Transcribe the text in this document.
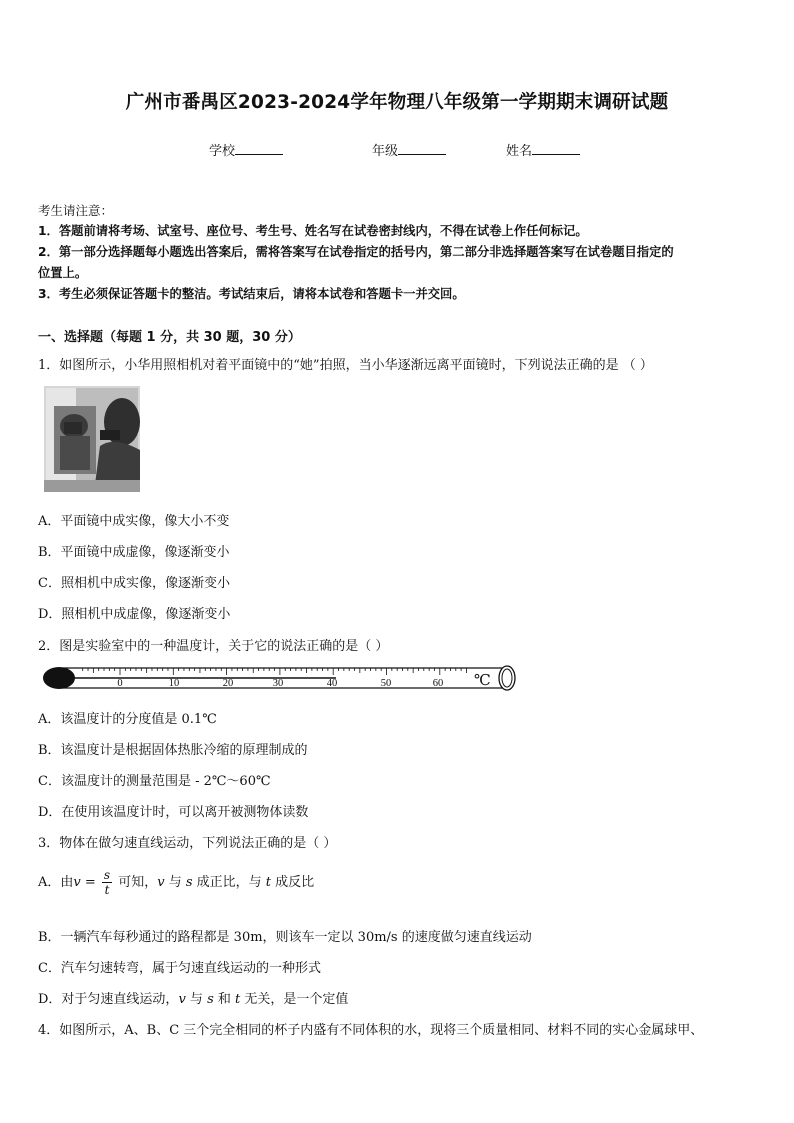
广州市番禺区2023-2024学年物理八年级第一学期期末调研试题
学校	年级	姓名
考生请注意：
1．答题前请将考场、试室号、座位号、考生号、姓名写在试卷密封线内，不得在试卷上作任何标记。
2．第一部分选择题每小题选出答案后，需将答案写在试卷指定的括号内，第二部分非选择题答案写在试卷题目指定的
位置上。
3．考生必须保证答题卡的整洁。考试结束后，请将本试卷和答题卡一并交回。
一、选择题（每题 1 分，共 30 题，30 分）
1．如图所示，小华用照相机对着平面镜中的“她”拍照，当小华逐渐远离平面镜时，下列说法正确的是 （ ）
A．平面镜中成实像，像大小不变
B．平面镜中成虚像，像逐渐变小
C．照相机中成实像，像逐渐变小
D．照相机中成虚像，像逐渐变小
2．图是实验室中的一种温度计，关于它的说法正确的是（ ）
0	10	20	30	40	50	60 ℃
A．该温度计的分度值是 0.1℃
B．该温度计是根据固体热胀冷缩的原理制成的
C．该温度计的测量范围是 - 2℃～60℃
D．在使用该温度计时，可以离开被测物体读数
3．物体在做匀速直线运动，下列说法正确的是（ ）
A．由$v = \frac{s}{t}$ 可知，v 与 s 成正比，与 t 成反比
B．一辆汽车每秒通过的路程都是 30m，则该车一定以 30m/s 的速度做匀速直线运动
C．汽车匀速转弯，属于匀速直线运动的一种形式
D．对于匀速直线运动，v 与 s 和 t 无关，是一个定值
4．如图所示，A、B、C 三个完全相同的杯子内盛有不同体积的水，现将三个质量相同、材料不同的实心金属球甲、
